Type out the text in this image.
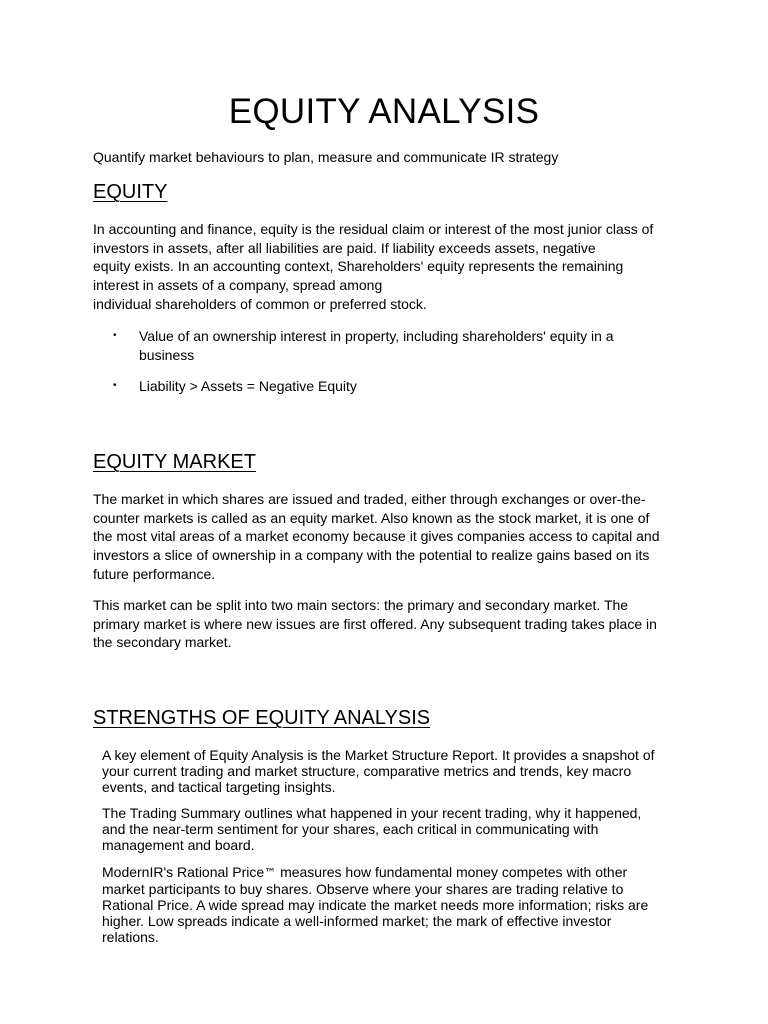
EQUITY ANALYSIS
Quantify market behaviours to plan, measure and communicate IR strategy
EQUITY
In accounting and finance, equity is the residual claim or interest of the most junior class of
investors in assets, after all liabilities are paid. If liability exceeds assets, negative
equity exists. In an accounting context, Shareholders' equity represents the remaining
interest in assets of a company, spread among
individual shareholders of common or preferred stock.
• Value of an ownership interest in property, including shareholders' equity in a
business
• Liability > Assets = Negative Equity
EQUITY MARKET
The market in which shares are issued and traded, either through exchanges or over-the-
counter markets is called as an equity market. Also known as the stock market, it is one of
the most vital areas of a market economy because it gives companies access to capital and
investors a slice of ownership in a company with the potential to realize gains based on its
future performance.
This market can be split into two main sectors: the primary and secondary market. The
primary market is where new issues are first offered. Any subsequent trading takes place in
the secondary market.
STRENGTHS OF EQUITY ANALYSIS
A key element of Equity Analysis is the Market Structure Report. It provides a snapshot of
your current trading and market structure, comparative metrics and trends, key macro
events, and tactical targeting insights.
The Trading Summary outlines what happened in your recent trading, why it happened,
and the near-term sentiment for your shares, each critical in communicating with
management and board.
ModernIR's Rational Price™ measures how fundamental money competes with other
market participants to buy shares. Observe where your shares are trading relative to
Rational Price. A wide spread may indicate the market needs more information; risks are
higher. Low spreads indicate a well-informed market; the mark of effective investor
relations.
